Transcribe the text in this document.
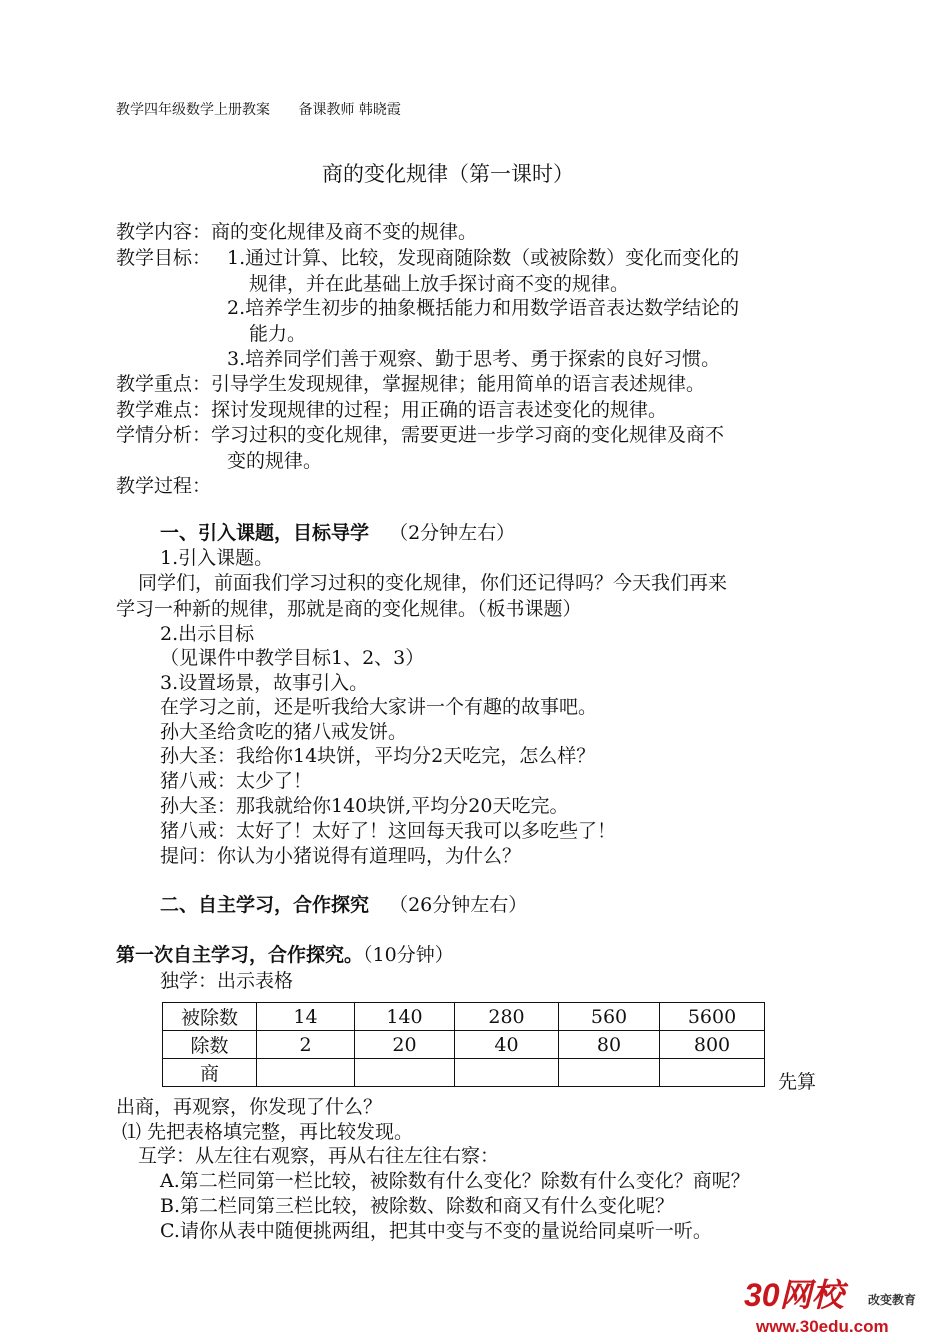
教学四年级数学上册教案 备课教师 韩晓霞
商的变化规律（第一课时）
教学内容：商的变化规律及商不变的规律。
教学目标： 1.通过计算、比较，发现商随除数（或被除数）变化而变化的
规律，并在此基础上放手探讨商不变的规律。
2.培养学生初步的抽象概括能力和用数学语音表达数学结论的
能力。
3.培养同学们善于观察、勤于思考、勇于探索的良好习惯。
教学重点：引导学生发现规律，掌握规律；能用简单的语言表述规律。
教学难点：探讨发现规律的过程；用正确的语言表述变化的规律。
学情分析：学习过积的变化规律，需要更进一步学习商的变化规律及商不
变的规律。
教学过程：
一、引入课题，目标导学 （2分钟左右）
1.引入课题。
同学们，前面我们学习过积的变化规律，你们还记得吗？今天我们再来
学习一种新的规律，那就是商的变化规律。（板书课题）
2.出示目标
（见课件中教学目标1、2、3）
3.设置场景，故事引入。
在学习之前，还是听我给大家讲一个有趣的故事吧。
孙大圣给贪吃的猪八戒发饼。
孙大圣：我给你14块饼，平均分2天吃完，怎么样？
猪八戒：太少了！
孙大圣：那我就给你140块饼,平均分20天吃完。
猪八戒：太好了！太好了！这回每天我可以多吃些了！
提问：你认为小猪说得有道理吗，为什么？
二、自主学习，合作探究 （26分钟左右）
第一次自主学习，合作探究。（10分钟）
独学：出示表格
被除数	14	140	280	560	5600
除数	2	20	40	80	800
商						先算
出商，再观察，你发现了什么？
⑴ 先把表格填完整，再比较发现。
互学：从左往右观察，再从右往左往右察：
A.第二栏同第一栏比较，被除数有什么变化？除数有什么变化？商呢？
B.第二栏同第三栏比较，被除数、除数和商又有什么变化呢？
C.请你从表中随便挑两组，把其中变与不变的量说给同桌听一听。
30网校	改变教育
www.30edu.com
